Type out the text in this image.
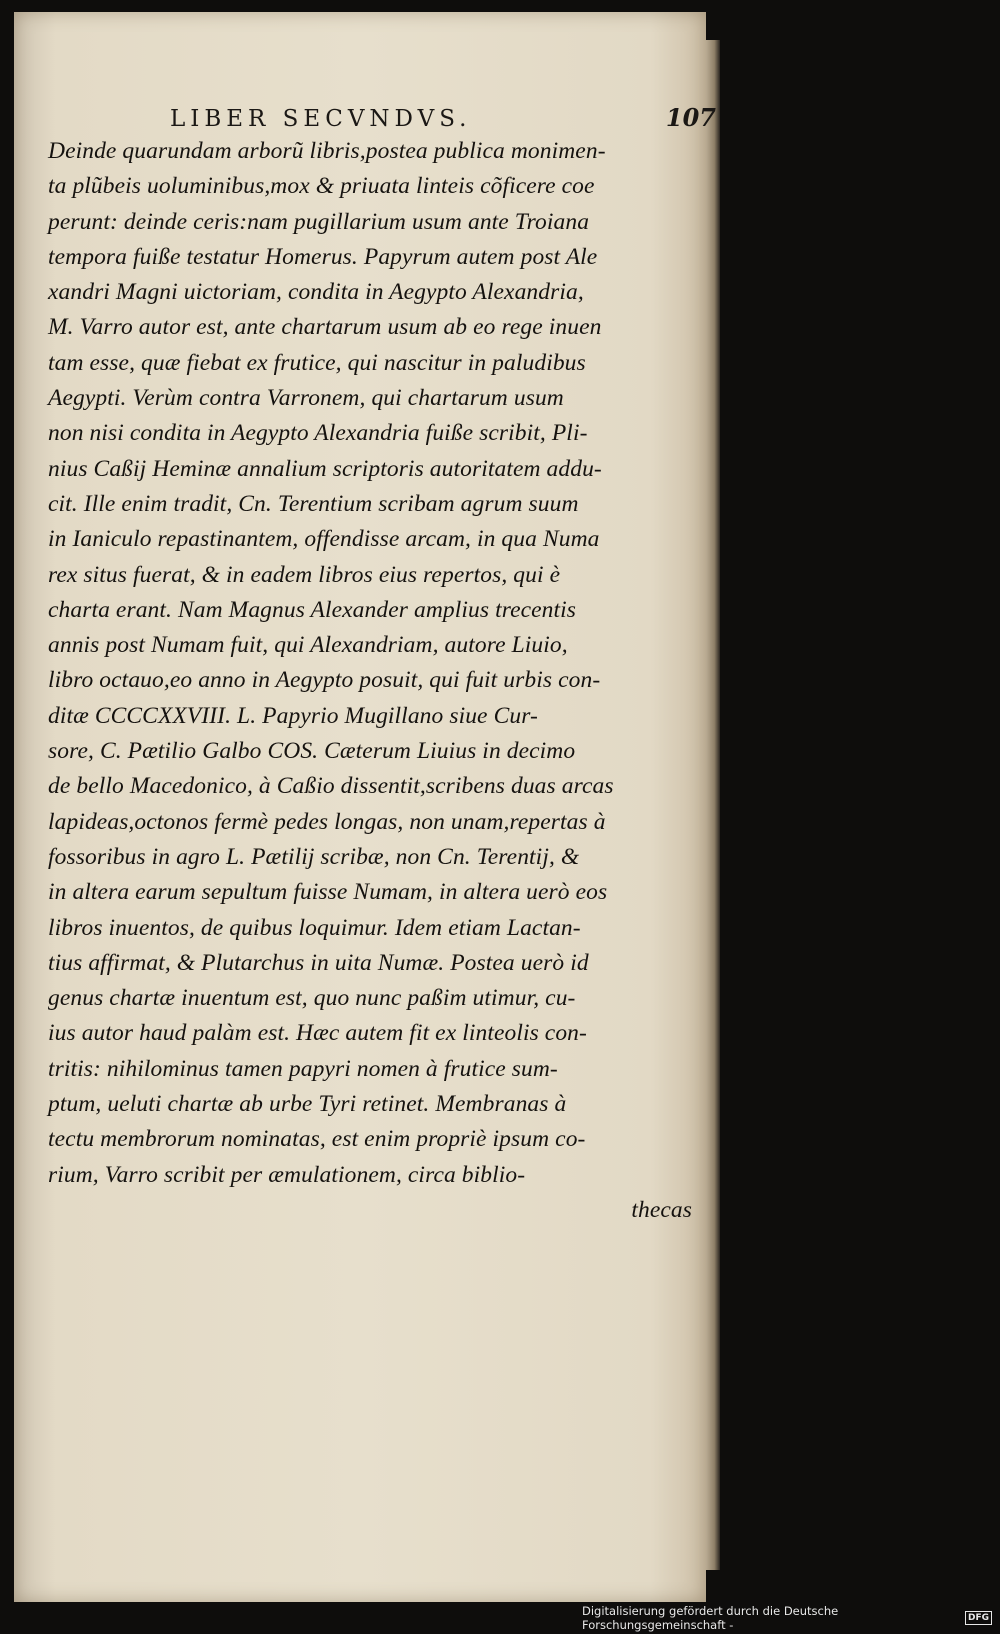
LIBER SECVNDVS.	107
Deinde quarundam arborũ libris,postea publica monimen-
ta plũbeis uoluminibus,mox & priuata linteis cõficere coe
perunt: deinde ceris:nam pugillarium usum ante Troiana
tempora fuiße testatur Homerus. Papyrum autem post Ale
xandri Magni uictoriam, condita in Aegypto Alexandria,
M. Varro autor est, ante chartarum usum ab eo rege inuen
tam esse, quæ fiebat ex frutice, qui nascitur in paludibus
Aegypti. Verùm contra Varronem, qui chartarum usum
non nisi condita in Aegypto Alexandria fuiße scribit, Pli-
nius Caßij Heminæ annalium scriptoris autoritatem addu-
cit. Ille enim tradit, Cn. Terentium scribam agrum suum
in Ianiculo repastinantem, offendisse arcam, in qua Numa
rex situs fuerat, & in eadem libros eius repertos, qui è
charta erant. Nam Magnus Alexander amplius trecentis
annis post Numam fuit, qui Alexandriam, autore Liuio,
libro octauo,eo anno in Aegypto posuit, qui fuit urbis con-
ditæ CCCCXXVIII. L. Papyrio Mugillano siue Cur-
sore, C. Pætilio Galbo COS. Cæterum Liuius in decimo
de bello Macedonico, à Caßio dissentit,scribens duas arcas
lapideas,octonos fermè pedes longas, non unam,repertas à
fossoribus in agro L. Pætilij scribæ, non Cn. Terentij, &
in altera earum sepultum fuisse Numam, in altera uerò eos
libros inuentos, de quibus loquimur. Idem etiam Lactan-
tius affirmat, & Plutarchus in uita Numæ. Postea uerò id
genus chartæ inuentum est, quo nunc paßim utimur, cu-
ius autor haud palàm est. Hæc autem fit ex linteolis con-
tritis: nihilominus tamen papyri nomen à frutice sum-
ptum, ueluti chartæ ab urbe Tyri retinet. Membranas à
tectu membrorum nominatas, est enim propriè ipsum co-
rium, Varro scribit per æmulationem, circa biblio-
thecas
Digitalisierung gefördert durch die Deutsche Forschungsgemeinschaft -	DFG
